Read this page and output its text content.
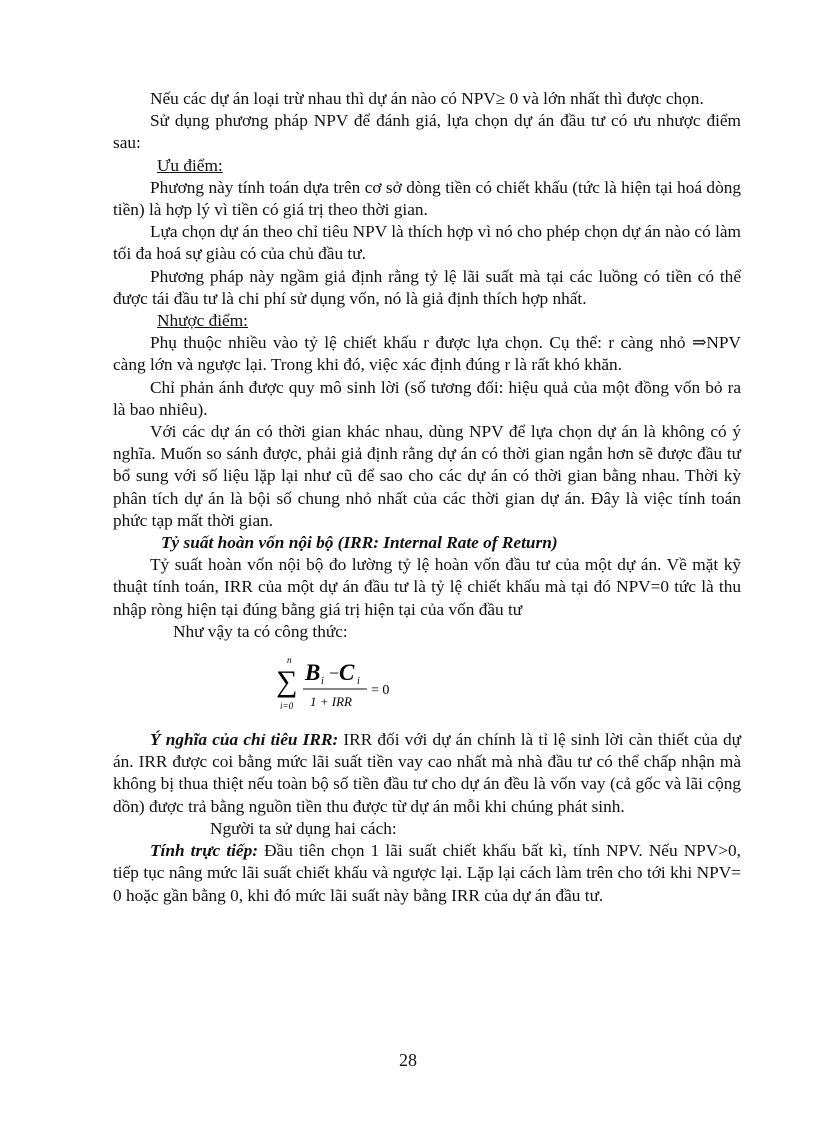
Nếu các dự án loại trừ nhau thì dự án nào có NPV≥ 0 và lớn nhất thì được chọn.

Sử dụng phương pháp NPV để đánh giá, lựa chọn dự án đầu tư có ưu nhược điểm sau:

Ưu điểm:

Phương này tính toán dựa trên cơ sở dòng tiền có chiết khấu (tức là hiện tại hoá dòng tiền) là hợp lý vì tiền có giá trị theo thời gian.

Lựa chọn dự án theo chỉ tiêu NPV là thích hợp vì nó cho phép chọn dự án nào có làm tối đa hoá sự giàu có của chủ đầu tư.

Phương pháp này ngầm giả định rằng tỷ lệ lãi suất mà tại các luồng có tiền có thể được tái đầu tư là chi phí sử dụng vốn, nó là giả định thích hợp nhất.

Nhược điểm:

Phụ thuộc nhiều vào tỷ lệ chiết khấu r được lựa chọn. Cụ thể: r càng nhỏ ⇒NPV càng lớn và ngược lại. Trong khi đó, việc xác định đúng r là rất khó khăn.

Chỉ phản ánh được quy mô sinh lời (số tương đối: hiệu quả của một đồng vốn bỏ ra là bao nhiêu).

Với các dự án có thời gian khác nhau, dùng NPV để lựa chọn dự án là không có ý nghĩa. Muốn so sánh được, phải giả định rằng dự án có thời gian ngắn hơn sẽ được đầu tư bổ sung với số liệu lặp lại như cũ để sao cho các dự án có thời gian bằng nhau. Thời kỳ phân tích dự án là bội số chung nhỏ nhất của các thời gian dự án. Đây là việc tính toán phức tạp mất thời gian.

Tỷ suất hoàn vốn nội bộ (IRR: Internal Rate of Return)

Tỷ suất hoàn vốn nội bộ đo lường tỷ lệ hoàn vốn đầu tư của một dự án. Về mặt kỹ thuật tính toán, IRR của một dự án đầu tư là tỷ lệ chiết khấu mà tại đó NPV=0 tức là thu nhập ròng hiện tại đúng bằng giá trị hiện tại của vốn đầu tư

Như vậy ta có công thức:

n
∑
i=0
B i − C i
1 + IRR
= 0

Ý nghĩa của chỉ tiêu IRR: IRR đối với dự án chính là tỉ lệ sinh lời càn thiết của dự án. IRR được coi bằng mức lãi suất tiền vay cao nhất mà nhà đầu tư có thể chấp nhận mà không bị thua thiệt nếu toàn bộ số tiền đầu tư cho dự án đều là vốn vay (cả gốc và lãi cộng dồn) được trả bằng nguồn tiền thu được từ dự án mỗi khi chúng phát sinh.

Người ta sử dụng hai cách:

Tính trực tiếp: Đầu tiên chọn 1 lãi suất chiết khấu bất kì, tính NPV. Nếu NPV>0, tiếp tục nâng mức lãi suất chiết khấu và ngược lại. Lặp lại cách làm trên cho tới khi NPV= 0 hoặc gần bằng 0, khi đó mức lãi suất này bằng IRR của dự án đầu tư.

28
